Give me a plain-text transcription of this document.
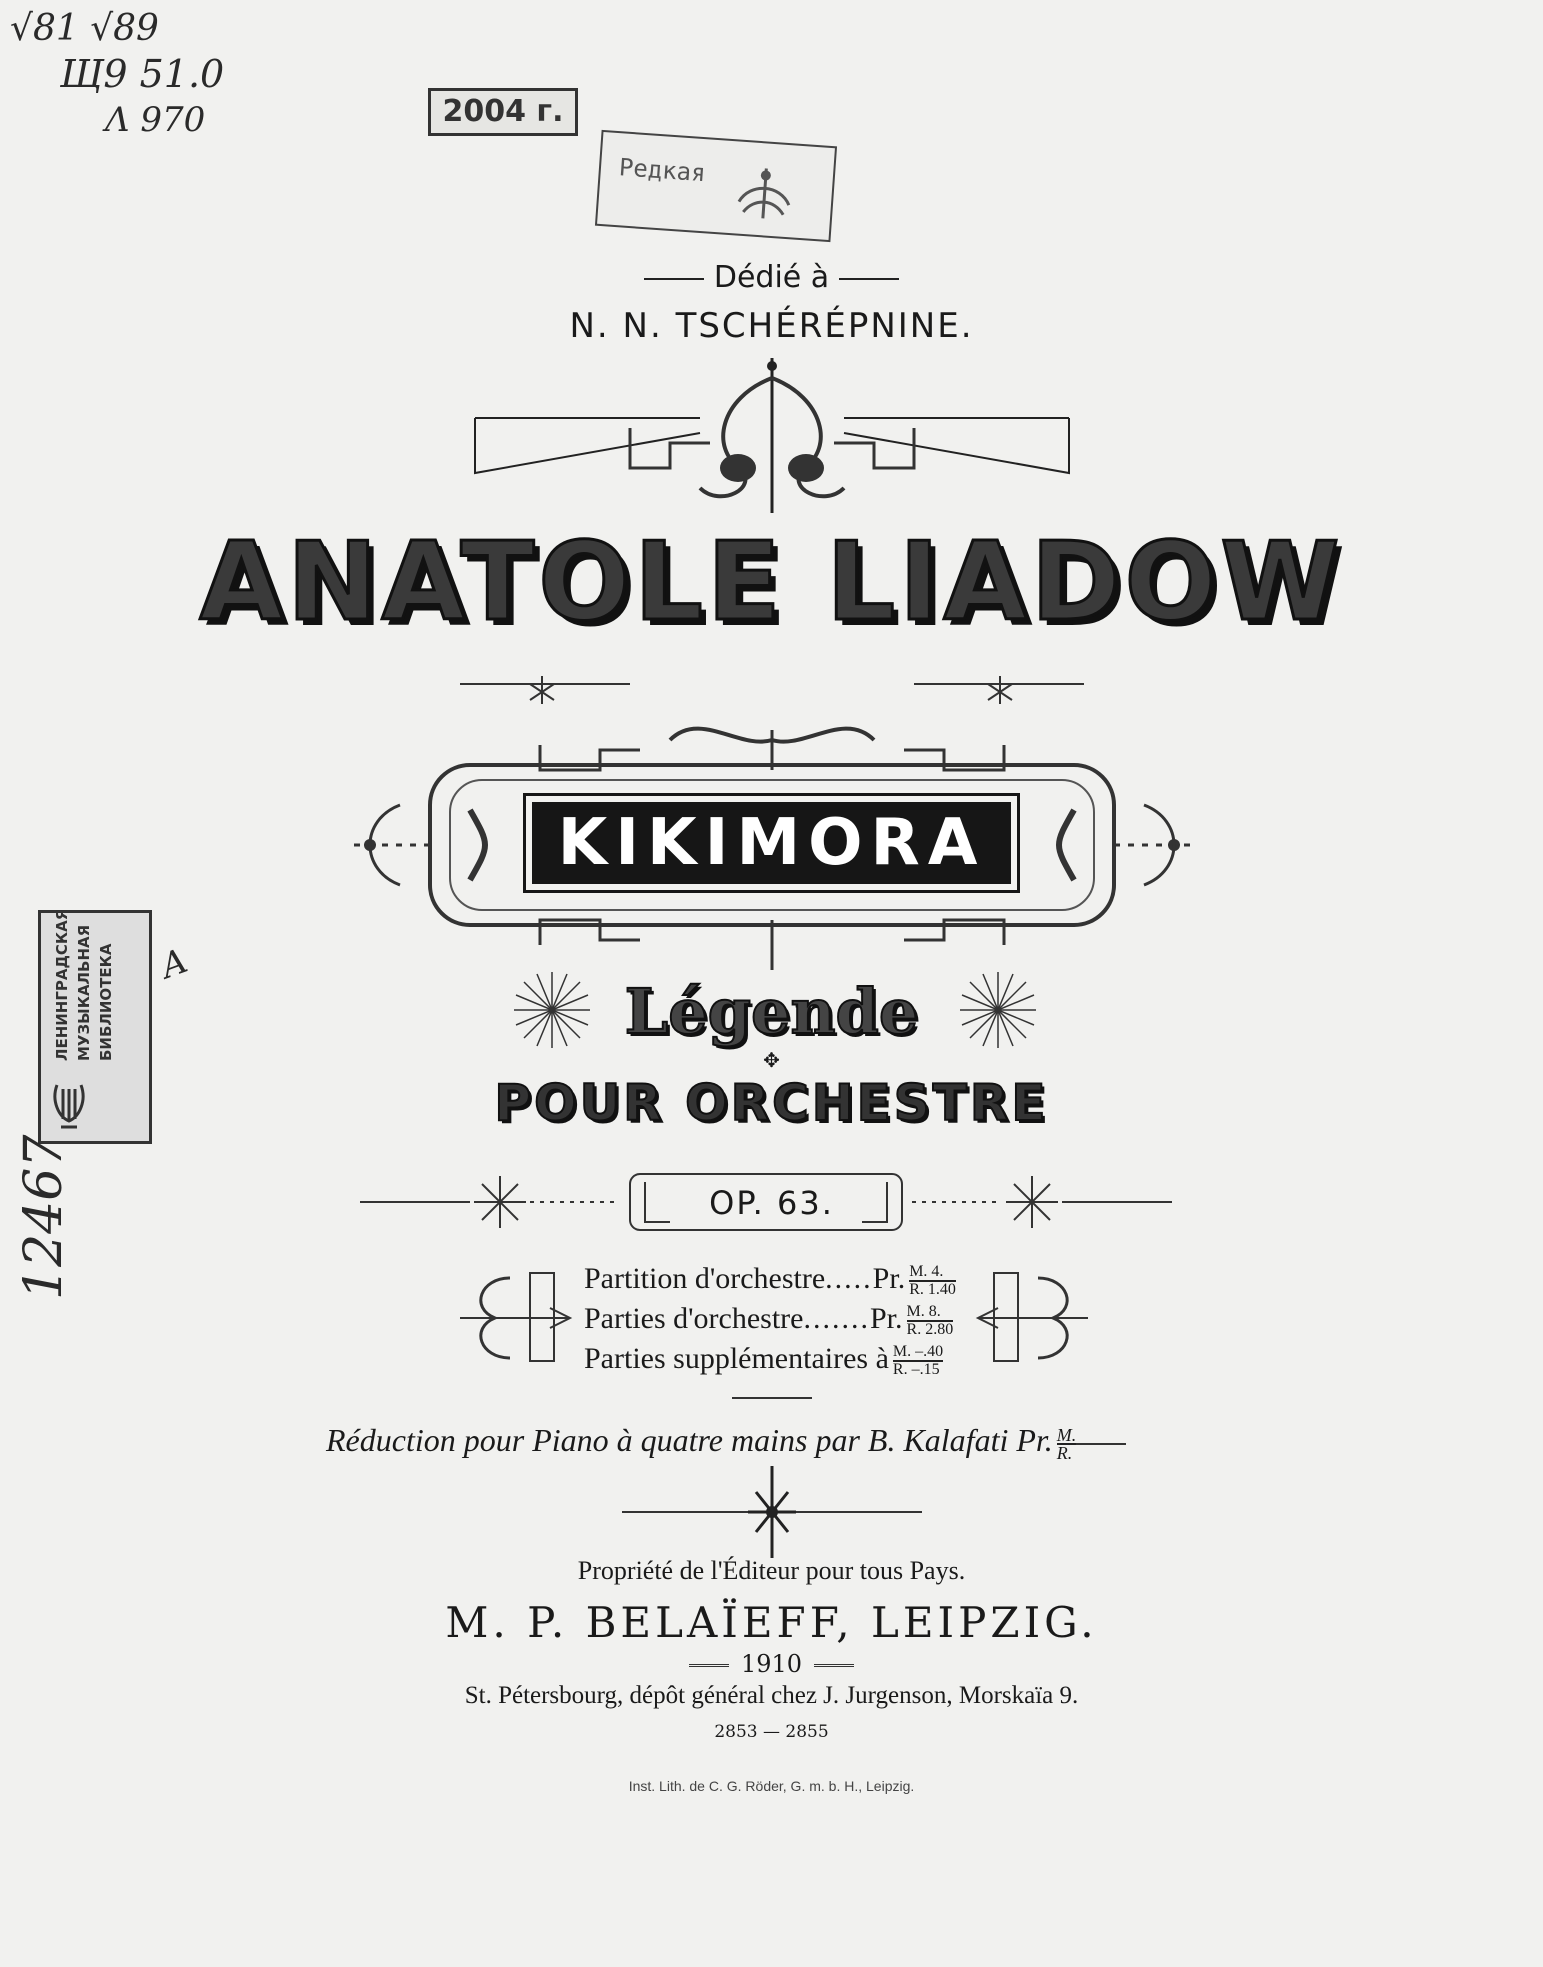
√81 √89
Щ9 51.0
Λ 970	2004 г.
Редкая
ЛЕНИНГРАДСКАЯ МУЗЫКАЛЬНАЯ БИБЛИОТЕКА	A
12467
Dédié à
N. N. TSCHÉRÉPNINE.
ANATOLE LIADOW
KIKIMORA
Légende
✥
POUR ORCHESTRE
OP. 63.
Partition d'orchestre.....Pr. $\frac{M. 4.}{R. 1.40}$
Parties d'orchestre.......Pr. $\frac{M. 8.}{R. 2.80}$
Parties supplémentaires à $\frac{M. -.40}{R. -.15}$
Réduction pour Piano à quatre mains par B. Kalafati Pr. $\frac{M.}{R.}$
Propriété de l'Éditeur pour tous Pays.
M. P. BELAÏEFF, LEIPZIG.
1910
St. Pétersbourg, dépôt général chez J. Jurgenson, Morskaïa 9.
2853 — 2855
Inst. Lith. de C. G. Röder, G. m. b. H., Leipzig.
